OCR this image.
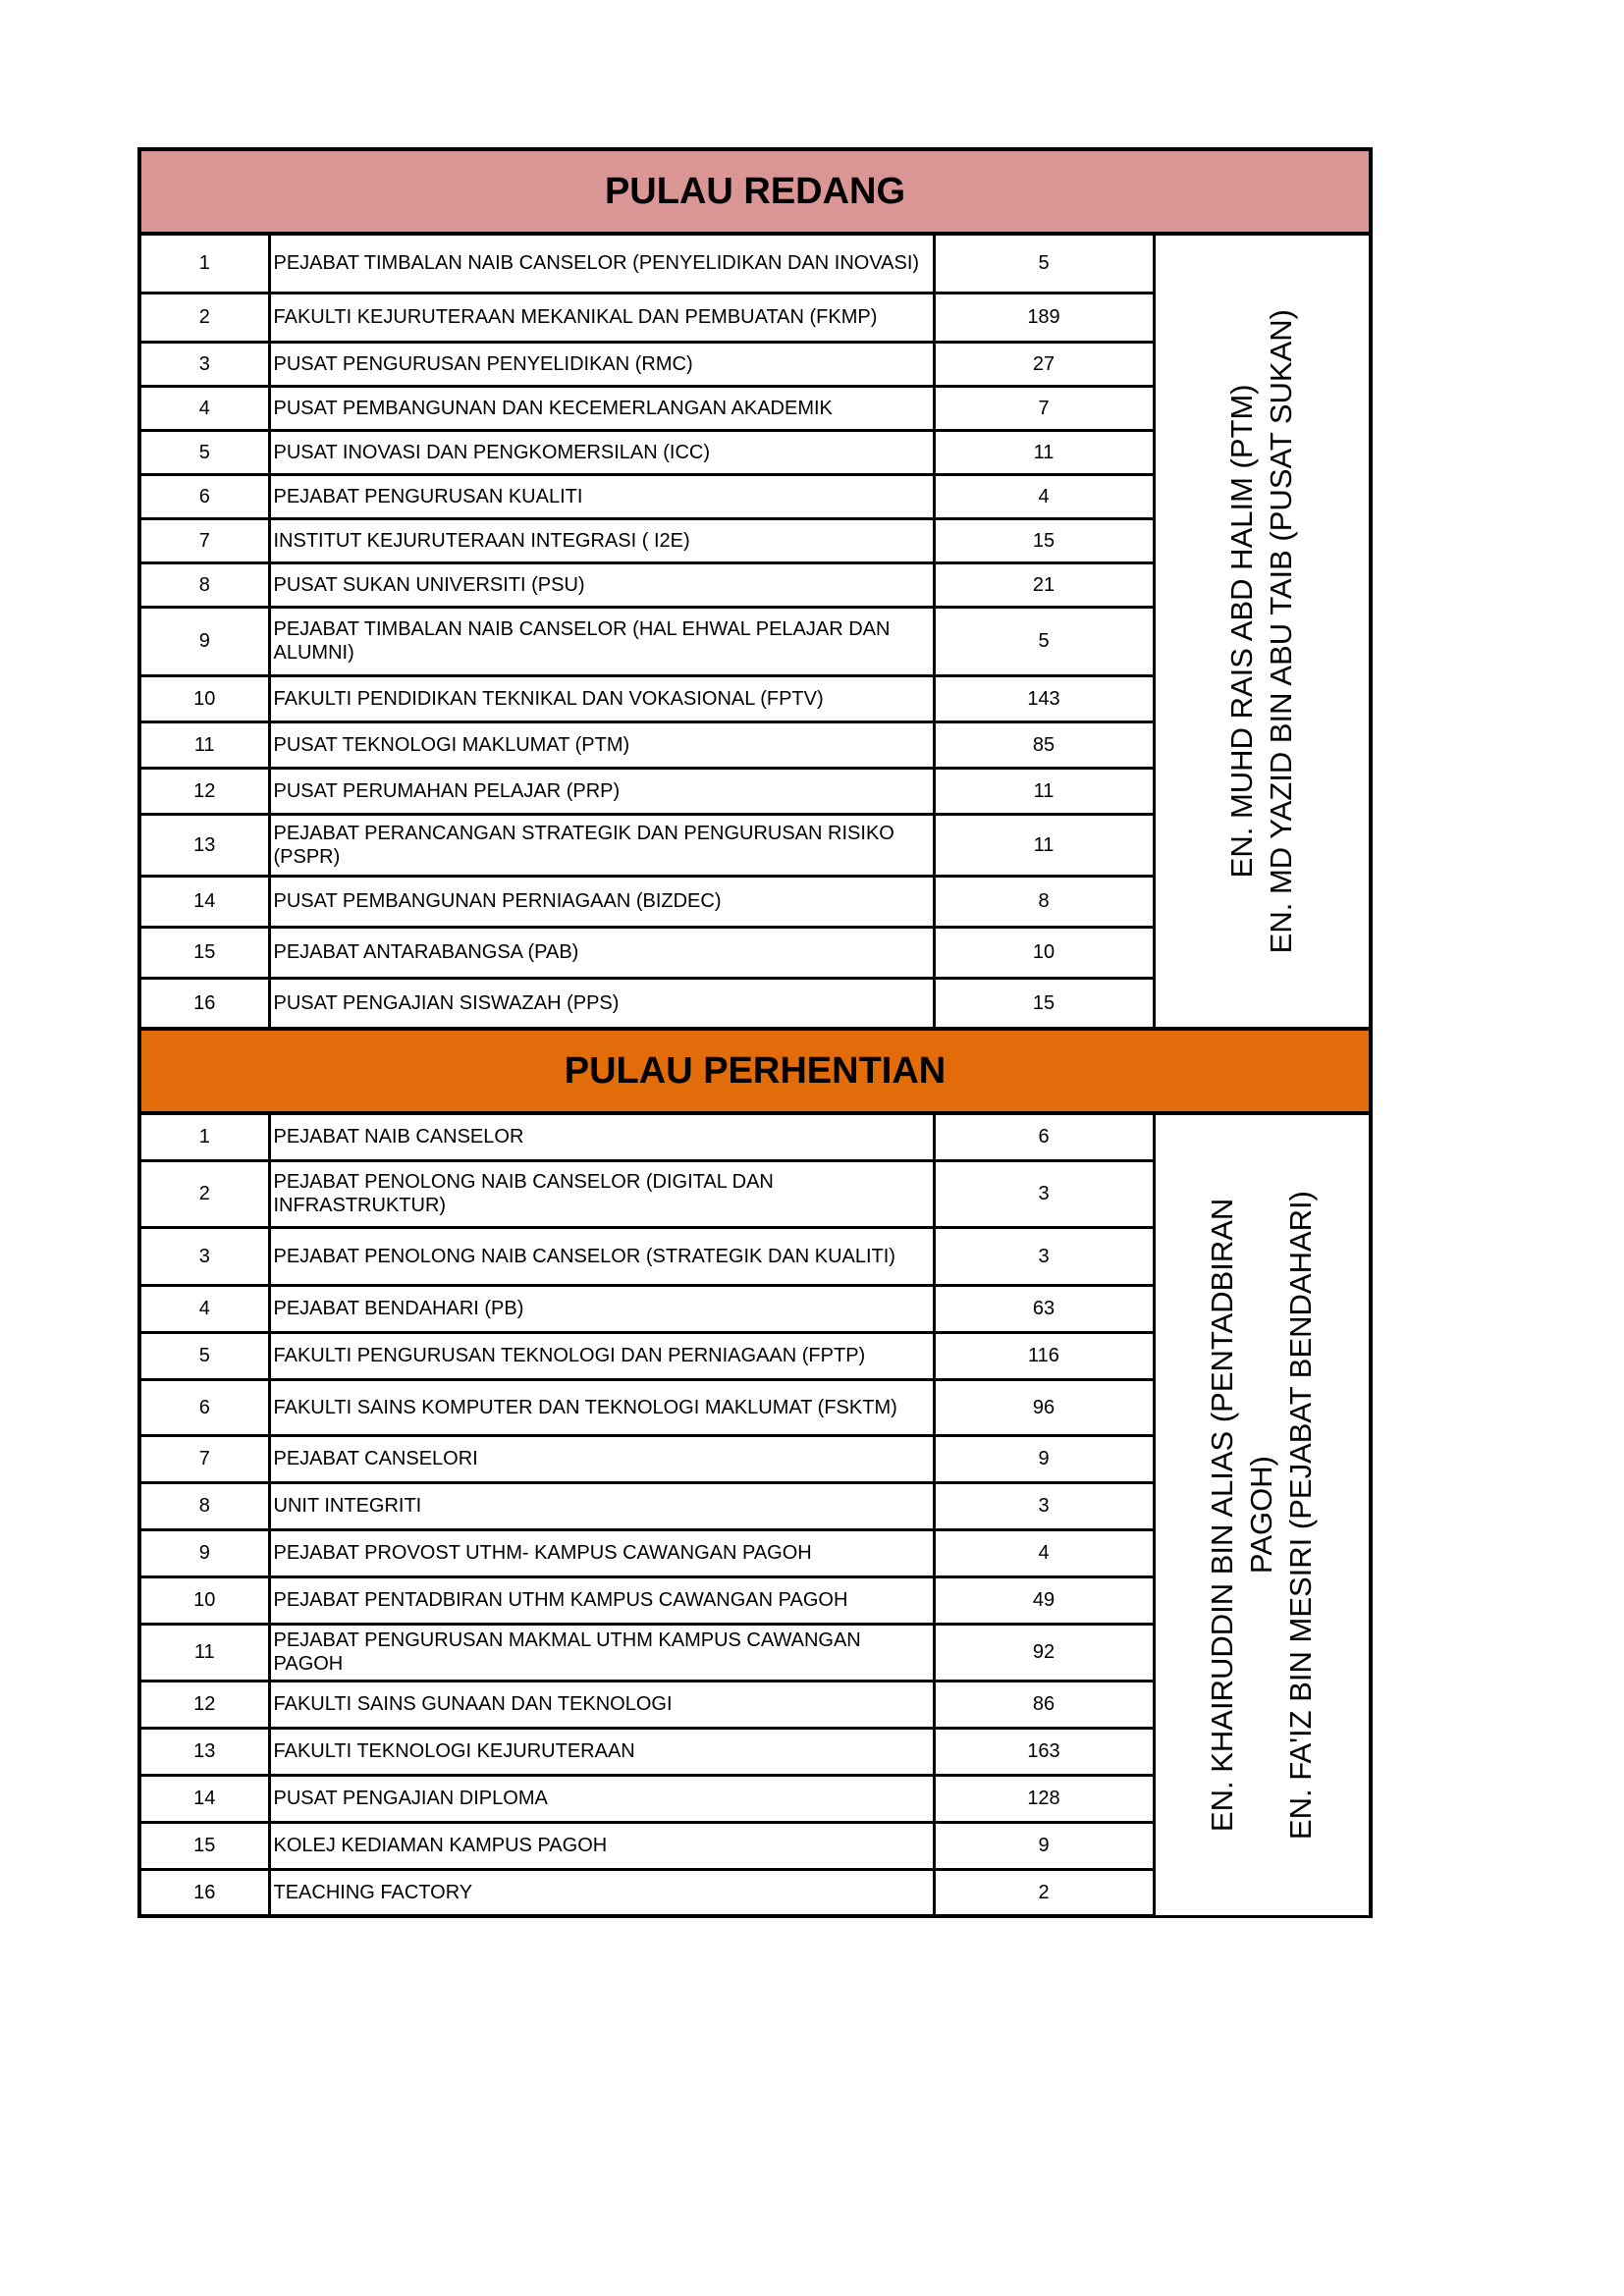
PULAU REDANG			
1	PEJABAT TIMBALAN NAIB CANSELOR (PENYELIDIKAN DAN INOVASI)	5	EN. MUHD RAIS ABD HALIM (PTM) EN. MD YAZID BIN ABU TAIB (PUSAT SUKAN)

2	FAKULTI KEJURUTERAAN MEKANIKAL DAN PEMBUATAN (FKMP)	189	
3	PUSAT PENGURUSAN PENYELIDIKAN (RMC)	27	
4	PUSAT PEMBANGUNAN DAN KECEMERLANGAN AKADEMIK	7	
5	PUSAT INOVASI DAN PENGKOMERSILAN (ICC)	11	
6	PEJABAT PENGURUSAN KUALITI	4	
7	INSTITUT KEJURUTERAAN INTEGRASI ( I2E)	15	
8	PUSAT SUKAN UNIVERSITI (PSU)	21	
9	PEJABAT TIMBALAN NAIB CANSELOR (HAL EHWAL PELAJAR DAN ALUMNI)	5	
10	FAKULTI PENDIDIKAN TEKNIKAL DAN VOKASIONAL (FPTV)	143	
11	PUSAT TEKNOLOGI MAKLUMAT (PTM)	85	
12	PUSAT PERUMAHAN PELAJAR (PRP)	11	
13	PEJABAT PERANCANGAN STRATEGIK DAN PENGURUSAN RISIKO (PSPR)	11	
14	PUSAT PEMBANGUNAN PERNIAGAAN (BIZDEC)	8	
15	PEJABAT ANTARABANGSA (PAB)	10	
16	PUSAT PENGAJIAN SISWAZAH (PPS)	15	
PULAU PERHENTIAN			
1	PEJABAT NAIB CANSELOR	6	EN. KHAIRUDDIN BIN ALIAS (PENTADBIRAN PAGOH) EN. FA'IZ BIN MESIRI (PEJABAT BENDAHARI)

2	PEJABAT PENOLONG NAIB CANSELOR (DIGITAL DAN INFRASTRUKTUR)	3	
3	PEJABAT PENOLONG NAIB CANSELOR (STRATEGIK DAN KUALITI)	3	
4	PEJABAT BENDAHARI (PB)	63	
5	FAKULTI PENGURUSAN TEKNOLOGI DAN PERNIAGAAN (FPTP)	116	
6	FAKULTI SAINS KOMPUTER DAN TEKNOLOGI MAKLUMAT (FSKTM)	96	
7	PEJABAT CANSELORI	9	
8	UNIT INTEGRITI	3	
9	PEJABAT PROVOST UTHM- KAMPUS CAWANGAN PAGOH	4	
10	PEJABAT PENTADBIRAN UTHM KAMPUS CAWANGAN PAGOH	49	
11	PEJABAT PENGURUSAN MAKMAL UTHM KAMPUS CAWANGAN PAGOH	92	
12	FAKULTI SAINS GUNAAN DAN TEKNOLOGI	86	
13	FAKULTI TEKNOLOGI KEJURUTERAAN	163	
14	PUSAT PENGAJIAN DIPLOMA	128	
15	KOLEJ KEDIAMAN KAMPUS PAGOH	9	
16	TEACHING FACTORY	2	
